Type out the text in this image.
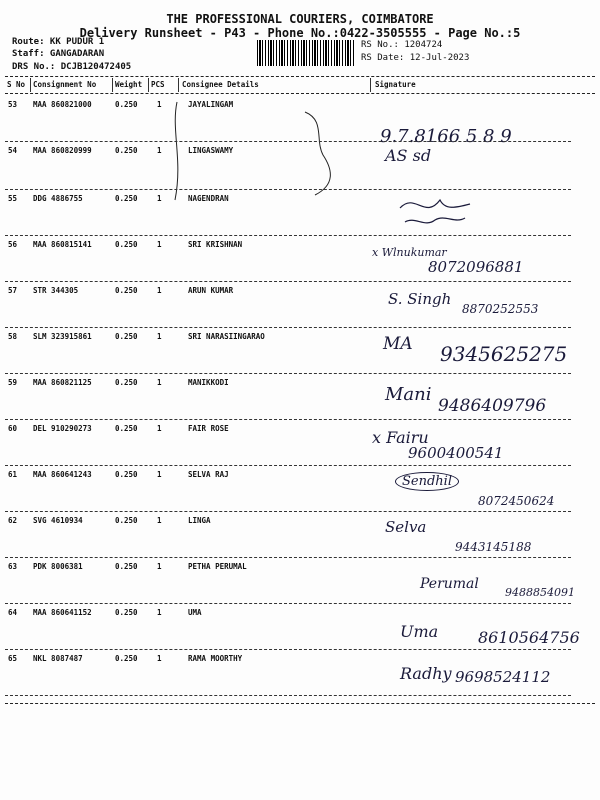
THE PROFESSIONAL COURIERS, COIMBATORE
Delivery Runsheet - P43 - Phone No.:0422-3505555 - Page No.:5
Route: KK PUDUR 1
Staff: GANGADARAN
DRS No.: DCJB120472405
RS No.: 1204724
RS Date: 12-Jul-2023
S No Consignment No	Weight PCS Consignee Details	Signature
53 MAA 860821000	0.250	1	JAYALINGAM
9.7.8166 5 8 9
54 MAA 860820999	0.250	1	LINGASWAMY	AS sd
55 DDG 4886755	0.250	1	NAGENDRAN
56 MAA 860815141	0.250	1	SRI KRISHNAN
x Wlnukumar
8072096881
57 STR 344305	0.250	1	ARUN KUMAR	S. Singh
8870252553
58 SLM 323915861	0.250	1	SRI NARASIINGARAO	MA 9345625275
59 MAA 860821125	0.250	1	MANIKKODI
Mani
9486409796
60 DEL 910290273	0.250	1	FAIR ROSE	x Fairu
9600400541
61 MAA 860641243	0.250	1	SELVA RAJ	Sendhil
8072450624
62 SVG 4610934	0.250	1	LINGA	Selva
9443145188
63 PDK 8006381	0.250	1	PETHA PERUMAL
Perumal
9488854091
64 MAA 860641152	0.250	1	UMA
Uma 8610564756
65 NKL 8087487	0.250	1	RAMA MOORTHY
Radhy 9698524112
